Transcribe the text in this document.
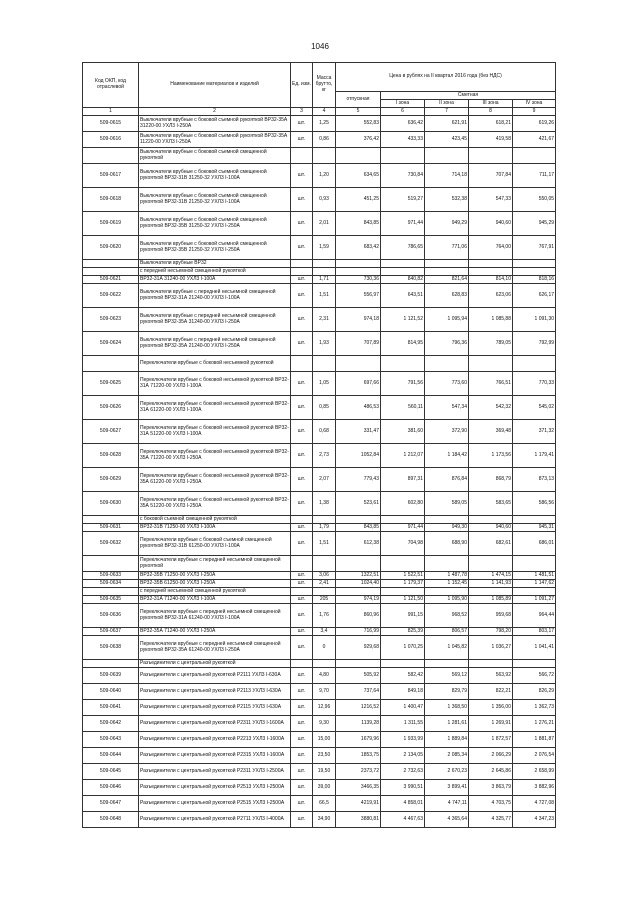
1046
Код ОКП, код отраслевой	Наименование материалов и изделий	Ед. изм.	Масса брутто, кг	Цена в рублях на II квартал 2016 года (без НДС)				
				отпускная	Сметная			
					I зона	II зона	III зона	IV зона
1	2	3	4	5	6	7	8	9
509-0615	Выключатели врубные с боковой съемной рукояткой ВР32-35А 31220-00 УХЛ3 I-250А	шт.	1,25	552,83	636,42	621,91	618,21	619,26
509-0616	Выключатели врубные с боковой съемной рукояткой ВР32-35А 11220-00 УХЛ3 I-250А	шт.	0,86	376,42	433,33	423,45	419,58	421,67
	Выключатели врубные с боковой съемной смещенной рукояткой							
509-0617	Выключатели врубные с боковой съемной смещенной рукояткой ВР32-31В 31250-32 УХЛ3 I-100А	шт.	1,20	634,65	730,84	714,18	707,84	711,17
509-0618	Выключатели врубные с боковой съемной смещенной рукояткой ВР32-31В 21250-32 УХЛ3 I-100А	шт.	0,93	451,25	519,27	532,38	547,33	550,05
509-0619	Выключатели врубные с боковой съемной смещенной рукояткой ВР32-35В 31250-32 УХЛ3 I-250А	шт.	2,01	843,85	971,44	949,29	940,60	945,29
509-0620	Выключатели врубные с боковой съемной смещенной рукояткой ВР32-35В 21250-32 УХЛ3 I-250А	шт.	1,59	683,42	786,65	771,06	764,00	767,91
	Выключатели врубные ВР32							
	с передней несъемной смещенной рукояткой							
509-0621	ВР32-31А 31240-00 УХЛ3 I-100А	шт.	1,71	730,36	840,82	821,64	814,10	818,16
509-0622	Выключатели врубные с передней несъемной смещенной рукояткой ВР32-31А 21240-00 УХЛ3 I-100А	шт.	1,51	556,97	643,51	628,83	623,06	626,17
509-0623	Выключатели врубные с передней несъемной смещенной рукояткой ВР32-35А 31240-00 УХЛ3 I-250А	шт.	2,31	974,18	1 121,52	1 095,94	1 085,88	1 091,30
509-0624	Выключатели врубные с передней несъемной смещенной рукояткой ВР32-35А 21240-00 УХЛ3 I-250А	шт.	1,93	707,89	814,95	796,36	789,05	792,99
	Переключатели врубные с боковой несъемной рукояткой							
509-0625	Переключатели врубные с боковой несъемной рукояткой ВР32-31А 71220-00 УХЛ3 I-100А	шт.	1,05	697,66	791,56	773,60	766,51	770,33
509-0626	Переключатели врубные с боковой несъемной рукояткой ВР32-31А 61220-00 УХЛ3 I-100А	шт.	0,85	486,53	560,11	547,34	542,32	545,02
509-0627	Переключатели врубные с боковой несъемной рукояткой ВР32-31А 51220-00 УХЛ3 I-100А	шт.	0,68	331,47	381,60	372,90	369,48	371,32
509-0628	Переключатели врубные с боковой несъемной рукояткой ВР32-35А 71220-00 УХЛ3 I-250А	шт.	2,73	1052,84	1 212,07	1 184,42	1 173,56	1 179,41
509-0629	Переключатели врубные с боковой несъемной рукояткой ВР32-35А 61220-00 УХЛ3 I-250А	шт.	2,07	779,43	897,31	876,84	868,79	873,13
509-0630	Переключатели врубные с боковой несъемной рукояткой ВР32-35А 51220-00 УХЛ3 I-250А	шт.	1,38	523,61	602,80	589,05	583,65	586,56
	с боковой съемной смещенной рукояткой							
509-0631	ВР32-31В 71250-00 УХЛ3 I-100А	шт.	1,79	843,85	971,44	949,30	940,60	945,31
509-0632	Переключатели врубные с боковой съемной смещенной рукояткой ВР32-31В 61250-00 УХЛ3 I-100А	шт.	1,51	612,38	704,98	688,90	682,61	686,01
	Переключатели врубные с передней несъемной смещенной рукояткой							
509-0633	ВР32-35В 71250-00 УХЛ3 I-250А	шт.	3,06	1322,51	1 522,51	1 487,78	1 474,15	1 481,51
509-0634	ВР32-35В 61250-00 УХЛ3 I-250А	шт.	2,41	1024,40	1 179,37	1 152,45	1 141,93	1 147,62
	с передней несъемной смещенной рукояткой							
509-0635	ВР32-31А 71240-00 УХЛ3 I-100А	шт.	205	974,19	1 121,50	1 095,90	1 085,89	1 091,27
509-0636	Переключатели врубные с передней несъемной смещенной рукояткой ВР32-31А 61240-00 УХЛ3 I-100А	шт.	1,76	860,96	991,15	968,52	959,68	964,44
509-0637	ВР32-35А 71240-00 УХЛ3 I-250А	шт.	3,4	716,99	825,39	806,57	798,20	803,17
509-0638	Переключатели врубные с передней несъемной смещенной рукояткой ВР32-35А 61240-00 УХЛ3 I-250А	шт.	0	929,68	1 070,25	1 045,82	1 036,27	1 041,41
	Разъединители с центральной рукояткой							
509-0639	Разъединители с центральной рукояткой Р2111 УХЛ3 I-630А	шт.	4,80	505,92	582,42	569,12	563,92	566,72
509-0640	Разъединители с центральной рукояткой Р2113 УХЛ3 I-630А	шт.	9,70	737,64	849,18	829,79	822,21	826,29
509-0641	Разъединители с центральной рукояткой Р2115 УХЛ3 I-630А	шт.	12,96	1216,52	1 400,47	1 368,50	1 356,00	1 362,73
509-0642	Разъединители с центральной рукояткой Р2311 УХЛ3 I-1600А	шт.	9,30	1139,28	1 311,55	1 281,61	1 269,91	1 276,21
509-0643	Разъединители с центральной рукояткой Р2213 УХЛ3 I-1600А	шт.	15,00	1679,96	1 933,99	1 889,84	1 872,57	1 881,87
509-0644	Разъединители с центральной рукояткой Р2315 УХЛ3 I-1600А	шт.	23,50	1853,75	2 134,05	2 085,34	2 066,29	2 076,54
509-0645	Разъединители с центральной рукояткой Р2311 УХЛ3 I-2500А	шт.	19,50	2373,72	2 732,63	2 670,23	2 645,86	2 658,99
509-0646	Разъединители с центральной рукояткой Р2513 УХЛ3 I-2500А	шт.	39,00	3466,35	3 990,51	3 899,41	3 863,79	3 882,96
509-0647	Разъединители с центральной рукояткой Р2515 УХЛ3 I-2500А	шт.	66,5	4219,91	4 858,01	4 747,11	4 703,75	4 727,08
509-0648	Разъединители с центральной рукояткой Р2711 УХЛ3 I-4000А	шт.	34,90	3880,81	4 467,63	4 365,64	4 325,77	4 347,23
